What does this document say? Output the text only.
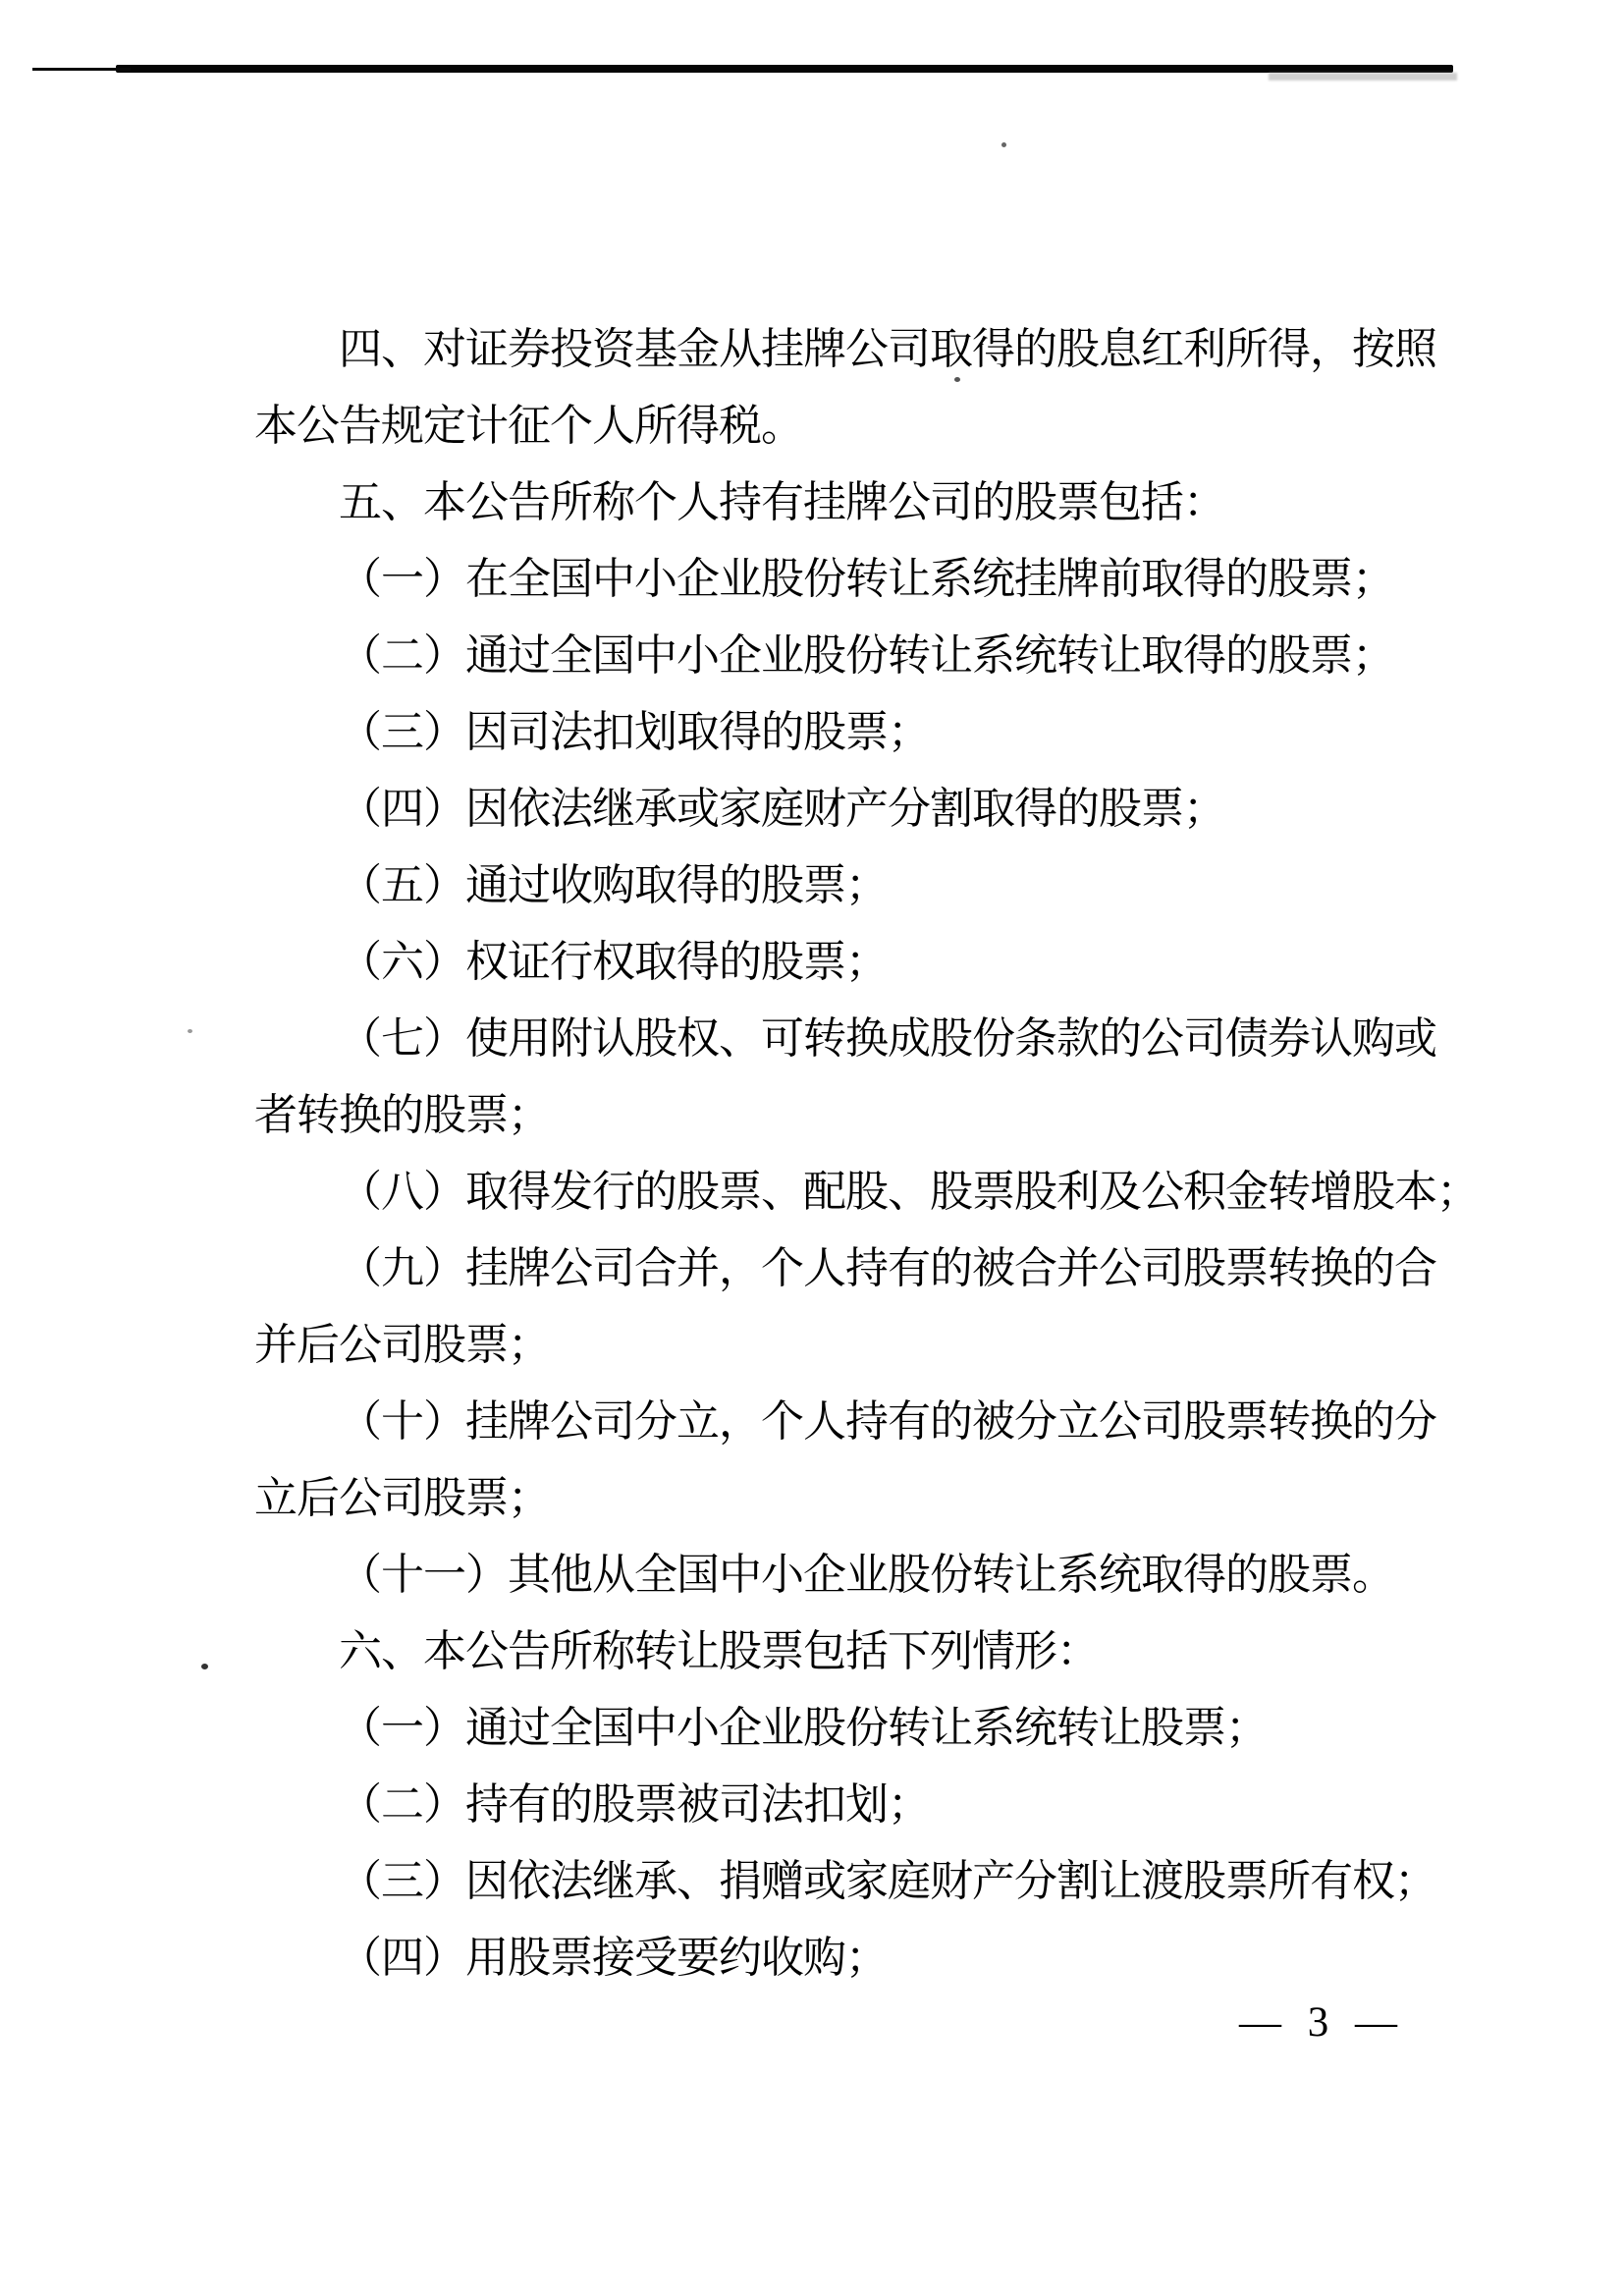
四、对证券投资基金从挂牌公司取得的股息红利所得，按照
本公告规定计征个人所得税。
五、本公告所称个人持有挂牌公司的股票包括：
（一）在全国中小企业股份转让系统挂牌前取得的股票；
（二）通过全国中小企业股份转让系统转让取得的股票；
（三）因司法扣划取得的股票；
（四）因依法继承或家庭财产分割取得的股票；
（五）通过收购取得的股票；
（六）权证行权取得的股票；
（七）使用附认股权、可转换成股份条款的公司债券认购或
者转换的股票；
（八）取得发行的股票、配股、股票股利及公积金转增股本；
（九）挂牌公司合并，个人持有的被合并公司股票转换的合
并后公司股票；
（十）挂牌公司分立，个人持有的被分立公司股票转换的分
立后公司股票；
（十一）其他从全国中小企业股份转让系统取得的股票。
六、本公告所称转让股票包括下列情形：
（一）通过全国中小企业股份转让系统转让股票；
（二）持有的股票被司法扣划；
（三）因依法继承、捐赠或家庭财产分割让渡股票所有权；
（四）用股票接受要约收购；
— 3 —
